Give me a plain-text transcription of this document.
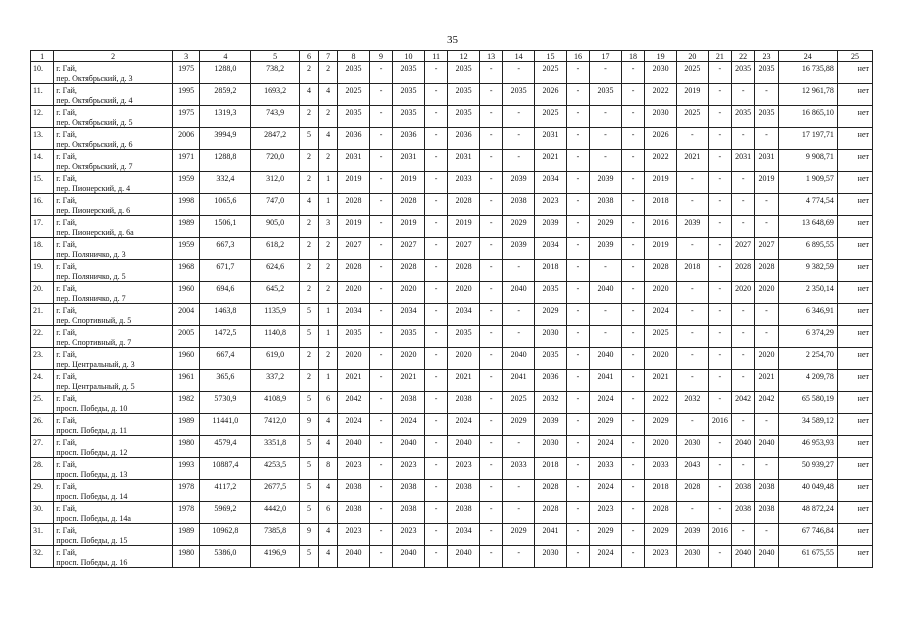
35
1	2	3	4	5	6	7	8	9	10	11	12	13	14	15	16	17	18	19	20	21	22	23	24	25
10.	г. Гай,
пер. Октябрьский, д. 3	1975	1288,0	738,2	2	2	2035	-	2035	-	2035	-	-	2025	-	-	-	2030	2025	-	2035	2035	16 735,88	нет
11.	г. Гай,
пер. Октябрьский, д. 4	1995	2859,2	1693,2	4	4	2025	-	2035	-	2035	-	2035	2026	-	2035	-	2022	2019	-	-	-	12 961,78	нет
12.	г. Гай,
пер. Октябрьский, д. 5	1975	1319,3	743,9	2	2	2035	-	2035	-	2035	-	-	2025	-	-	-	2030	2025	-	2035	2035	16 865,10	нет
13.	г. Гай,
пер. Октябрьский, д. 6	2006	3994,9	2847,2	5	4	2036	-	2036	-	2036	-	-	2031	-	-	-	2026	-	-	-	-	17 197,71	нет
14.	г. Гай,
пер. Октябрьский, д. 7	1971	1288,8	720,0	2	2	2031	-	2031	-	2031	-	-	2021	-	-	-	2022	2021	-	2031	2031	9 908,71	нет
15.	г. Гай,
пер. Пионерский, д. 4	1959	332,4	312,0	2	1	2019	-	2019	-	2033	-	2039	2034	-	2039	-	2019	-	-	-	2019	1 909,57	нет
16.	г. Гай,
пер. Пионерский, д. 6	1998	1065,6	747,0	4	1	2028	-	2028	-	2028	-	2038	2023	-	2038	-	2018	-	-	-	-	4 774,54	нет
17.	г. Гай,
пер. Пионерский, д. 6а	1989	1506,1	905,0	2	3	2019	-	2019	-	2019	-	2029	2039	-	2029	-	2016	2039	-	-	-	13 648,69	нет
18.	г. Гай,
пер. Поляничко, д. 3	1959	667,3	618,2	2	2	2027	-	2027	-	2027	-	2039	2034	-	2039	-	2019	-	-	2027	2027	6 895,55	нет
19.	г. Гай,
пер. Поляничко, д. 5	1968	671,7	624,6	2	2	2028	-	2028	-	2028	-	-	2018	-	-	-	2028	2018	-	2028	2028	9 382,59	нет
20.	г. Гай,
пер. Поляничко, д. 7	1960	694,6	645,2	2	2	2020	-	2020	-	2020	-	2040	2035	-	2040	-	2020	-	-	2020	2020	2 350,14	нет
21.	г. Гай,
пер. Спортивный, д. 5	2004	1463,8	1135,9	5	1	2034	-	2034	-	2034	-	-	2029	-	-	-	2024	-	-	-	-	6 346,91	нет
22.	г. Гай,
пер. Спортивный, д. 7	2005	1472,5	1140,8	5	1	2035	-	2035	-	2035	-	-	2030	-	-	-	2025	-	-	-	-	6 374,29	нет
23.	г. Гай,
пер. Центральный, д. 3	1960	667,4	619,0	2	2	2020	-	2020	-	2020	-	2040	2035	-	2040	-	2020	-	-	-	2020	2 254,70	нет
24.	г. Гай,
пер. Центральный, д. 5	1961	365,6	337,2	2	1	2021	-	2021	-	2021	-	2041	2036	-	2041	-	2021	-	-	-	2021	4 209,78	нет
25.	г. Гай,
просп. Победы, д. 10	1982	5730,9	4108,9	5	6	2042	-	2038	-	2038	-	2025	2032	-	2024	-	2022	2032	-	2042	2042	65 580,19	нет
26.	г. Гай,
просп. Победы, д. 11	1989	11441,0	7412,0	9	4	2024	-	2024	-	2024	-	2029	2039	-	2029	-	2029	-	2016	-	-	34 589,12	нет
27.	г. Гай,
просп. Победы, д. 12	1980	4579,4	3351,8	5	4	2040	-	2040	-	2040	-	-	2030	-	2024	-	2020	2030	-	2040	2040	46 953,93	нет
28.	г. Гай,
просп. Победы, д. 13	1993	10887,4	4253,5	5	8	2023	-	2023	-	2023	-	2033	2018	-	2033	-	2033	2043	-	-	-	50 939,27	нет
29.	г. Гай,
просп. Победы, д. 14	1978	4117,2	2677,5	5	4	2038	-	2038	-	2038	-	-	2028	-	2024	-	2018	2028	-	2038	2038	40 049,48	нет
30.	г. Гай,
просп. Победы, д. 14а	1978	5969,2	4442,0	5	6	2038	-	2038	-	2038	-	-	2028	-	2023	-	2028	-	-	2038	2038	48 872,24	нет
31.	г. Гай,
просп. Победы, д. 15	1989	10962,8	7385,8	9	4	2023	-	2023	-	2034	-	2029	2041	-	2029	-	2029	2039	2016	-	-	67 746,84	нет
32.	г. Гай,
просп. Победы, д. 16	1980	5386,0	4196,9	5	4	2040	-	2040	-	2040	-	-	2030	-	2024	-	2023	2030	-	2040	2040	61 675,55	нет
